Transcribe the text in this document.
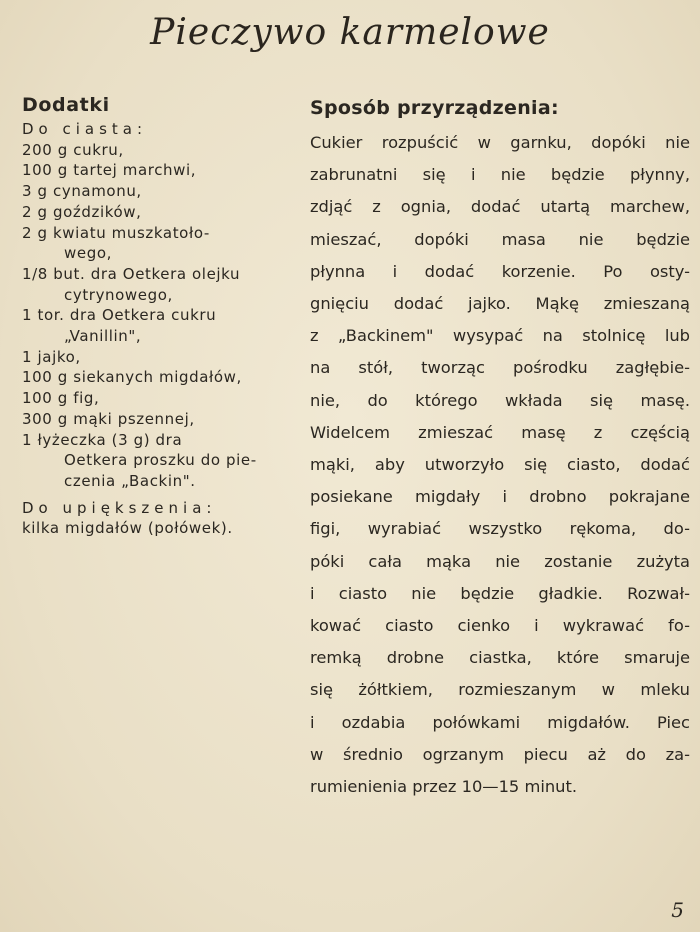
Pieczywo karmelowe
Dodatki
Do ciasta:
200 g cukru,
100 g tartej marchwi,
3 g cynamonu,
2 g goździków,
2 g kwiatu muszkatoło-
wego,
1/8 but. dra Oetkera olejku
cytrynowego,
1 tor. dra Oetkera cukru
„Vanillin",
1 jajko,
100 g siekanych migdałów,
100 g fig,
300 g mąki pszennej,
1 łyżeczka (3 g) dra
Oetkera proszku do pie-
czenia „Backin".
Do upiększenia:
kilka migdałów (połówek).
Sposób przyrządzenia:
Cukier rozpuścić w garnku, dopóki nie
zabrunatni się i nie będzie płynny,
zdjąć z ognia, dodać utartą marchew,
mieszać, dopóki masa nie będzie
płynna i dodać korzenie. Po osty-
gnięciu dodać jajko. Mąkę zmieszaną
z „Backinem" wysypać na stolnicę lub
na stół, tworząc pośrodku zagłębie-
nie, do którego wkłada się masę.
Widelcem zmieszać masę z częścią
mąki, aby utworzyło się ciasto, dodać
posiekane migdały i drobno pokrajane
figi, wyrabiać wszystko rękoma, do-
póki cała mąka nie zostanie zużyta
i ciasto nie będzie gładkie. Rozwał-
kować ciasto cienko i wykrawać fo-
remką drobne ciastka, które smaruje
się żółtkiem, rozmieszanym w mleku
i ozdabia połówkami migdałów. Piec
w średnio ogrzanym piecu aż do za-
rumienienia przez 10—15 minut.
5
